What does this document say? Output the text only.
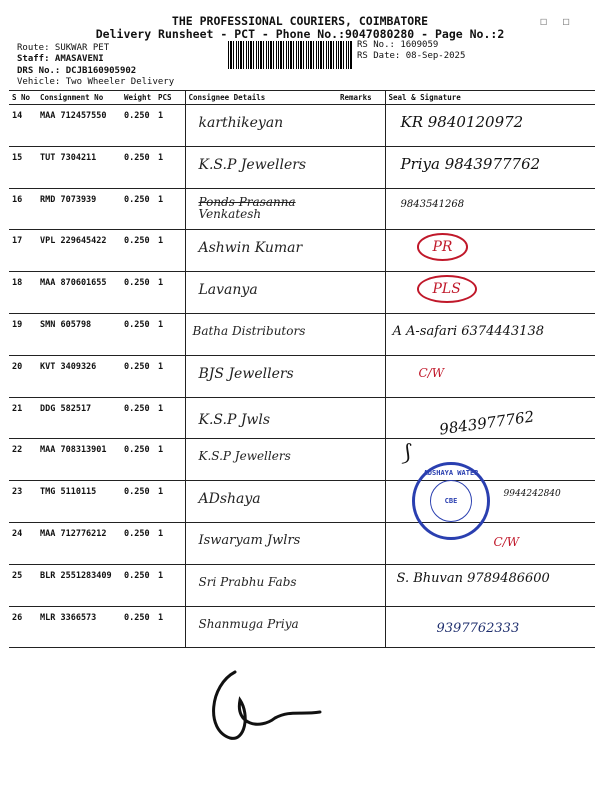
THE PROFESSIONAL COURIERS, COIMBATORE
Delivery Runsheet - PCT - Phone No.:9047080280 - Page No.:2
◻ ◻
Route: SUKWAR PET
Staff: AMASAVENI
DRS No.: DCJB160905902
Vehicle: Two Wheeler Delivery
RS No.: 1609059
RS Date: 08-Sep-2025
S No	Consignment No	Weight	PCS	Consignee Details	Remarks	Seal & Signature
14	MAA 712457550	0.250	1	karthikeyan		KR 9840120972
15	TUT 7304211	0.250	1	K.S.P Jewellers		Priya 9843977762
16	RMD 7073939	0.250	1	Ponds Prasanna
Venkatesh		9843541268
17	VPL 229645422	0.250	1	Ashwin Kumar		PR
18	MAA 870601655	0.250	1	Lavanya		PLS
19	SMN 605798	0.250	1	Batha Distributors		A A-safari 6374443138
20	KVT 3409326	0.250	1	BJS Jewellers		C/W
21	DDG 582517	0.250	1	K.S.P Jwls		9843977762
22	MAA 708313901	0.250	1	K.S.P Jewellers		⟆
23	TMG 5110115	0.250	1	ADshaya		9944242840
24	MAA 712776212	0.250	1	Iswaryam Jwlrs		C/W
25	BLR 2551283409	0.250	1	Sri Prabhu Fabs		S. Bhuvan 9789486600
26	MLR 3366573	0.250	1	Shanmuga Priya		9397762333
ADSHAYA WATER
CBE
